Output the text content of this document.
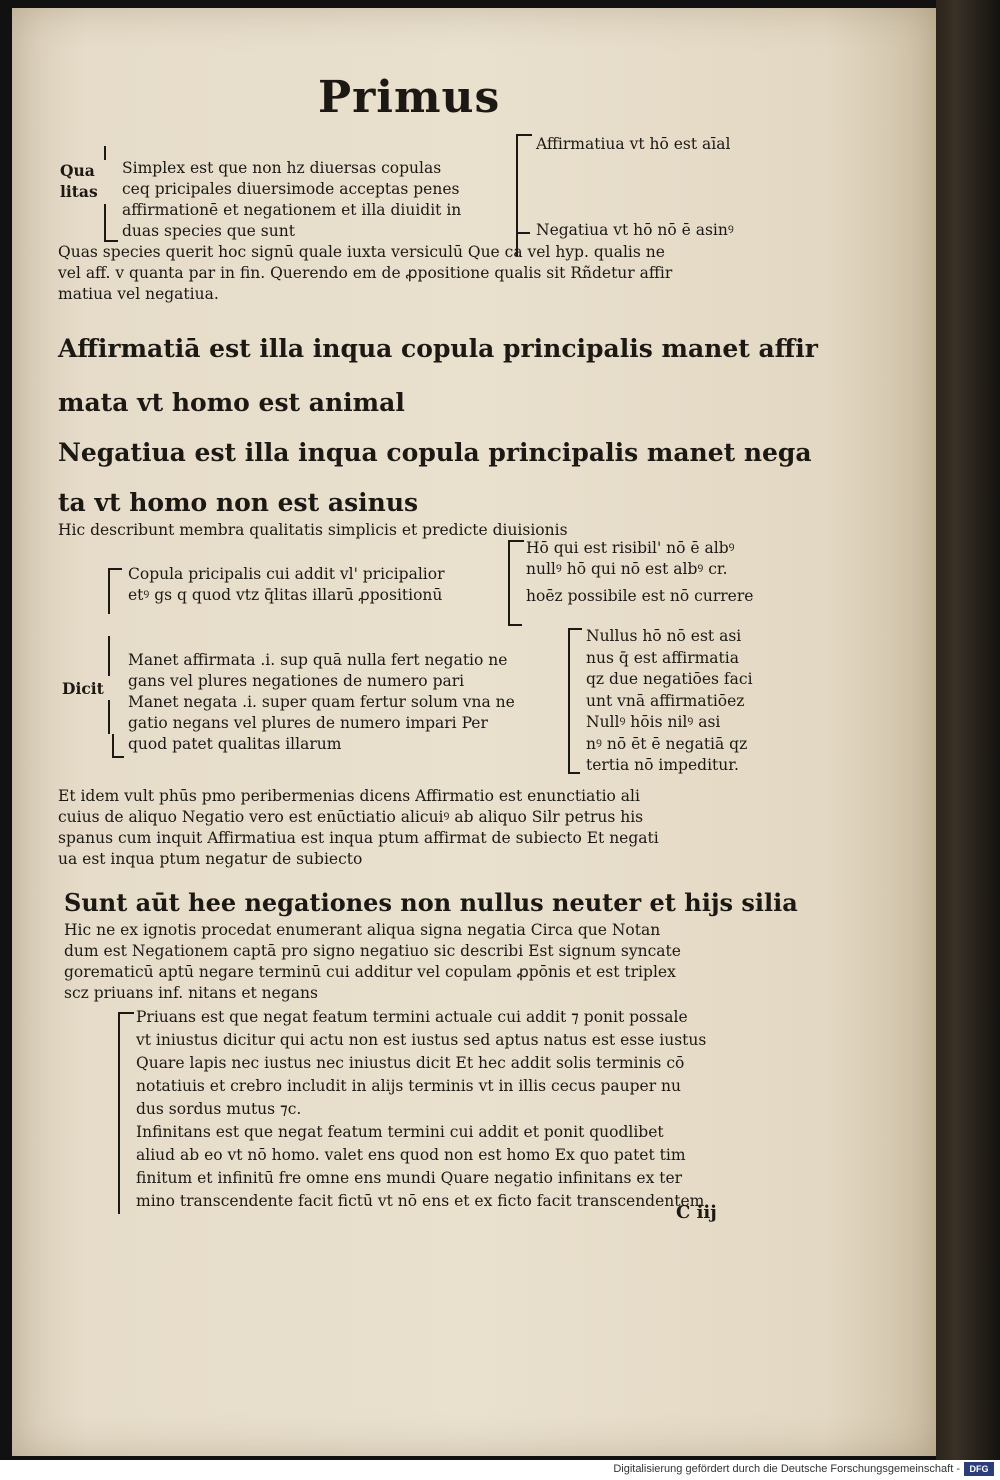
Primus
Qua
litas
Simplex est que non hz diuersas copulas
ceq pricipales diuersimode acceptas penes
affirmationē et negationem et illa diuidit in
duas species que sunt
Affirmatiua vt hō est aīal
Negatiua vt hō nō ē asinꝰ
Quas species querit hoc signū quale iuxta versiculū Que ca vel hyp. qualis ne
vel aff. v quanta par in fin. Querendo em de ꝓpositione qualis sit Rñdetur affir
matiua vel negatiua.
Affirmatiā est illa inqua copula principalis manet affir
mata vt homo est animal
Negatiua est illa inqua copula principalis manet nega
ta vt homo non est asinus
Hic describunt membra qualitatis simplicis et predicte diuisionis
Dicit
Copula pricipalis cui addit vl' pricipalior
etꝰ gs q quod vtz q̄litas illarū ꝓpositionū
Manet affirmata .i. sup quā nulla fert negatio ne
gans vel plures negationes de numero pari
Manet negata .i. super quam fertur solum vna ne
gatio negans vel plures de numero impari Per
quod patet qualitas illarum
Hō qui est risibil' nō ē albꝰ
nullꝰ hō qui nō est albꝰ cr.
hoēz possibile est nō currere
Nullus hō nō est asi
nus q̄ est affirmatia
qz due negatiōes faci
unt vnā affirmatiōez
Nullꝰ hōis nilꝰ asi
nꝰ nō ēt ē negatiā qz
tertia nō impeditur.
Et idem vult phūs pmo peribermenias dicens Affirmatio est enunctiatio ali
cuius de aliquo Negatio vero est enūctiatio alicuiꝰ ab aliquo Silr petrus his
spanus cum inquit Affirmatiua est inqua ptum affirmat de subiecto Et negati
ua est inqua ptum negatur de subiecto
Sunt aūt hee negationes non nullus neuter et hijs silia
Hic ne ex ignotis procedat enumerant aliqua signa negatia Circa que Notan
dum est Negationem captā pro signo negatiuo sic describi Est signum syncate
gorematicū aptū negare terminū cui additur vel copulam ꝓpōnis et est triplex
scz priuans inf. nitans et negans
Priuans est que negat featum termini actuale cui addit ⁊ ponit possale
vt iniustus dicitur qui actu non est iustus sed aptus natus est esse iustus
Quare lapis nec iustus nec iniustus dicit Et hec addit solis terminis cō
notatiuis et crebro includit in alijs terminis vt in illis cecus pauper nu
dus sordus mutus ⁊c.
Infinitans est que negat featum termini cui addit et ponit quodlibet
aliud ab eo vt nō homo. valet ens quod non est homo Ex quo patet tim
finitum et infinitū fre omne ens mundi Quare negatio infinitans ex ter
mino transcendente facit fictū vt nō ens et ex ficto facit transcendentem
C iij
Digitalisierung gefördert durch die Deutsche Forschungsgemeinschaft -	DFG
